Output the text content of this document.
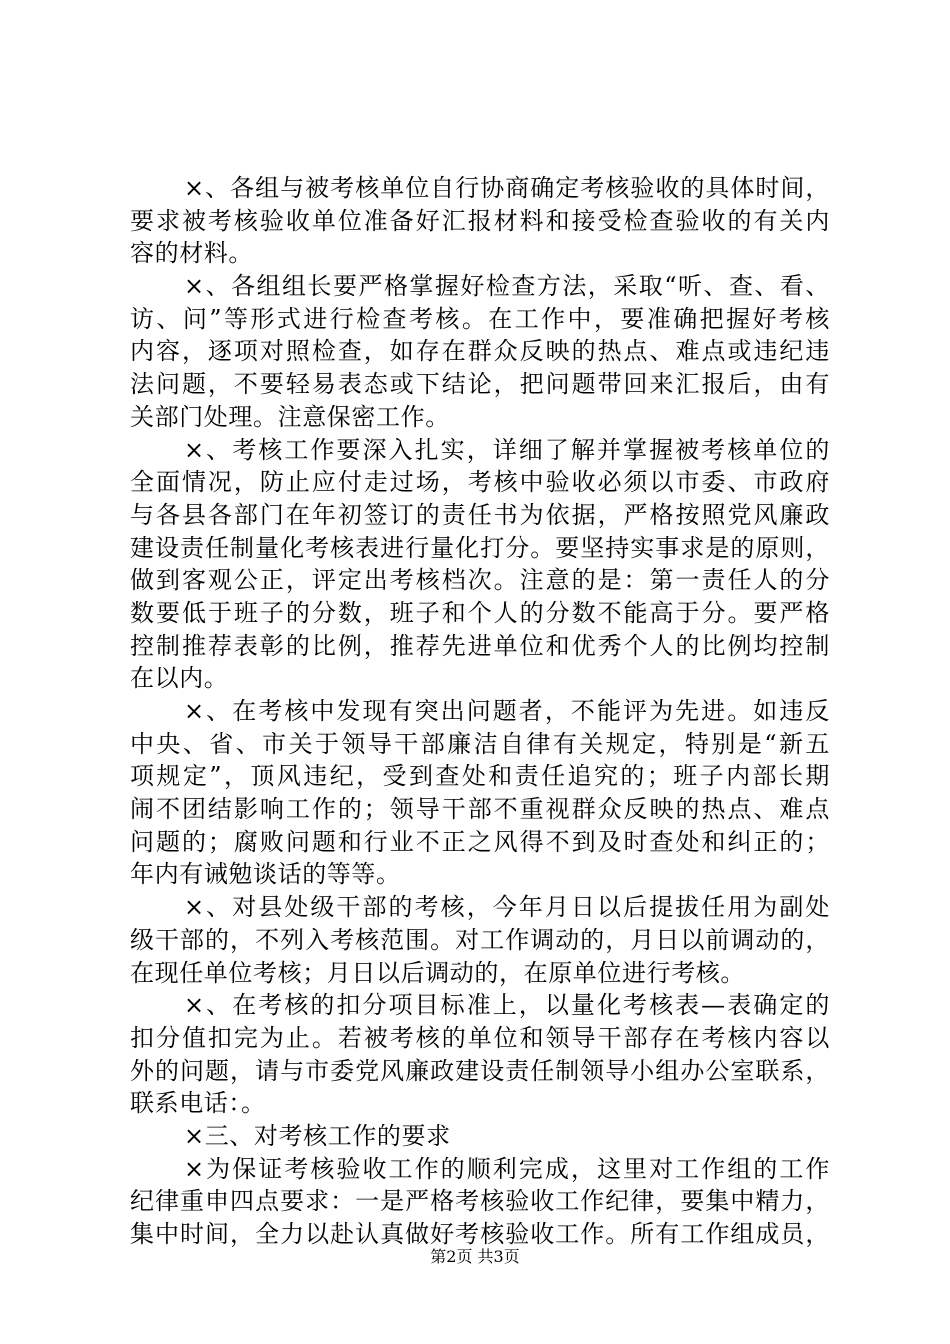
×、各组与被考核单位自行协商确定考核验收的具体时间，
要求被考核验收单位准备好汇报材料和接受检查验收的有关内
容的材料。
×、各组组长要严格掌握好检查方法，采取“听、查、看、
访、问”等形式进行检查考核。在工作中，要准确把握好考核
内容，逐项对照检查，如存在群众反映的热点、难点或违纪违
法问题，不要轻易表态或下结论，把问题带回来汇报后，由有
关部门处理。注意保密工作。
×、考核工作要深入扎实，详细了解并掌握被考核单位的
全面情况，防止应付走过场，考核中验收必须以市委、市政府
与各县各部门在年初签订的责任书为依据，严格按照党风廉政
建设责任制量化考核表进行量化打分。要坚持实事求是的原则，
做到客观公正，评定出考核档次。注意的是：第一责任人的分
数要低于班子的分数，班子和个人的分数不能高于分。要严格
控制推荐表彰的比例，推荐先进单位和优秀个人的比例均控制
在以内。
×、在考核中发现有突出问题者，不能评为先进。如违反
中央、省、市关于领导干部廉洁自律有关规定，特别是“新五
项规定”，顶风违纪，受到查处和责任追究的；班子内部长期
闹不团结影响工作的；领导干部不重视群众反映的热点、难点
问题的；腐败问题和行业不正之风得不到及时查处和纠正的；
年内有诫勉谈话的等等。
×、对县处级干部的考核，今年月日以后提拔任用为副处
级干部的，不列入考核范围。对工作调动的，月日以前调动的，
在现任单位考核；月日以后调动的，在原单位进行考核。
×、在考核的扣分项目标准上，以量化考核表—表确定的
扣分值扣完为止。若被考核的单位和领导干部存在考核内容以
外的问题，请与市委党风廉政建设责任制领导小组办公室联系，
联系电话：。
×三、对考核工作的要求
×为保证考核验收工作的顺利完成，这里对工作组的工作
纪律重申四点要求：一是严格考核验收工作纪律，要集中精力，
集中时间，全力以赴认真做好考核验收工作。所有工作组成员，
第2页 共3页
